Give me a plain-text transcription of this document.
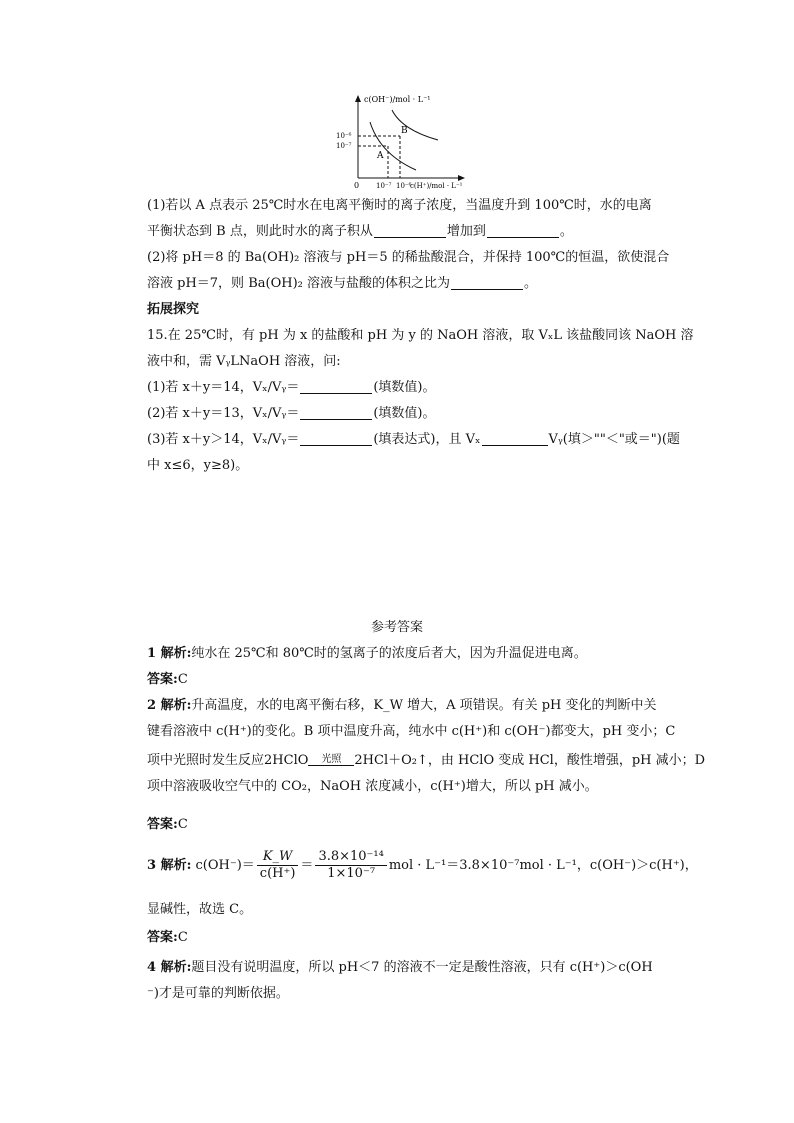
c(OH⁻)/mol · L⁻¹
10⁻⁶
10⁻⁷
A
B
0 10⁻⁷ 10⁻⁶
c(H⁺)/mol · L⁻¹
(1)若以 A 点表示 25℃时水在电离平衡时的离子浓度，当温度升到 100℃时，水的电离
平衡状态到 B 点，则此时水的离子积从	增加到	。
(2)将 pH＝8 的 Ba(OH)₂ 溶液与 pH＝5 的稀盐酸混合，并保持 100℃的恒温，欲使混合
溶液 pH＝7，则 Ba(OH)₂ 溶液与盐酸的体积之比为	。
拓展探究
15.在 25℃时，有 pH 为 x 的盐酸和 pH 为 y 的 NaOH 溶液，取 VₓL 该盐酸同该 NaOH 溶
液中和，需 VᵧLNaOH 溶液，问:
(1)若 x＋y＝14，Vₓ/Vᵧ＝	(填数值)。
(2)若 x＋y＝13，Vₓ/Vᵧ＝	(填数值)。
(3)若 x＋y＞14，Vₓ/Vᵧ＝	(填表达式)，且 Vₓ	Vᵧ(填＞""＜"或＝")(题
中 x≤6，y≥8)。
参考答案
1 解析:纯水在 25℃和 80℃时的氢离子的浓度后者大，因为升温促进电离。
答案:C
2 解析:升高温度，水的电离平衡右移，K_W 增大，A 项错误。有关 pH 变化的判断中关
键看溶液中 c(H⁺)的变化。B 项中温度升高，纯水中 c(H⁺)和 c(OH⁻)都变大，pH 变小；C
项中光照时发生反应2HClO	光照	2HCl＋O₂↑，由 HClO 变成 HCl，酸性增强，pH 减小；D
项中溶液吸收空气中的 CO₂，NaOH 浓度减小，c(H⁺)增大，所以 pH 减小。
答案:C
3 解析: $c(OH^-)= \frac{K\_W}{c(H^+)} = \frac{\text{3.8×10⁻¹⁴}}{\text{1×10⁻⁷}}$ mol · L⁻¹＝3.8×10⁻⁷mol · L⁻¹，c(OH⁻)＞c(H⁺)，
显碱性，故选 C。
答案:C
4 解析:题目没有说明温度，所以 pH＜7 的溶液不一定是酸性溶液，只有 c(H⁺)＞c(OH
⁻)才是可靠的判断依据。
